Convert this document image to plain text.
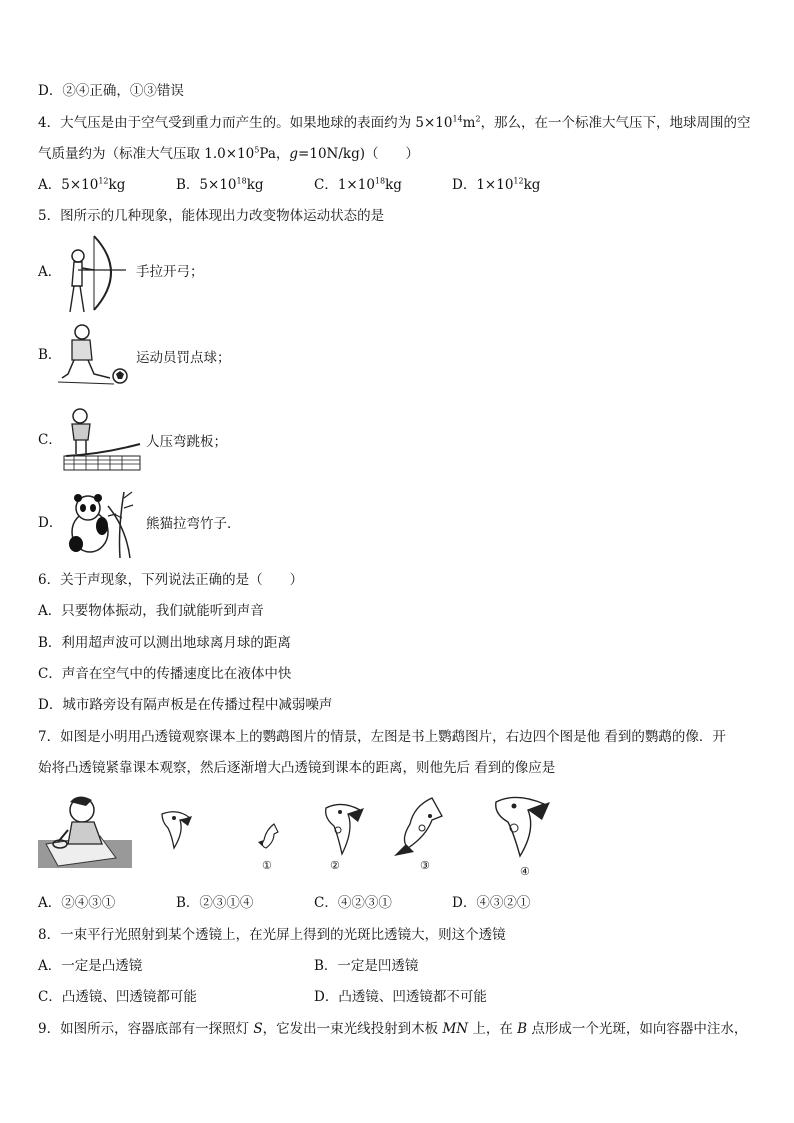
D．②④正确，①③错误
4．大气压是由于空气受到重力而产生的。如果地球的表面约为 $5\times 10^{14}m^2$，那么，在一个标准大气压下，地球周围的空
气质量约为（标准大气压取 $1.0\times 10^5Pa$，g=10N/kg)（　　）
A．$5\times 10^{12}kg$	B．$5\times 10^{18}kg$	C．$1\times 10^{18}kg$	D．$1\times 10^{12}kg$
5．图所示的几种现象，能体现出力改变物体运动状态的是
A．	手拉开弓；
B．	运动员罚点球；
C．	人压弯跳板；
D．	熊猫拉弯竹子．
6．关于声现象，下列说法正确的是（　　）
A．只要物体振动，我们就能听到声音
B．利用超声波可以测出地球离月球的距离
C．声音在空气中的传播速度比在液体中快
D．城市路旁设有隔声板是在传播过程中减弱噪声
7．如图是小明用凸透镜观察课本上的鹦鹉图片的情景，左图是书上鹦鹉图片，右边四个图是他 看到的鹦鹉的像．开
始将凸透镜紧靠课本观察，然后逐渐增大凸透镜到课本的距离，则他先后 看到的像应是
①	②	③	④
A．②④③①	B．②③①④	C．④②③①	D．④③②①
8．一束平行光照射到某个透镜上，在光屏上得到的光斑比透镜大，则这个透镜
A．一定是凸透镜	B．一定是凹透镜
C．凸透镜、凹透镜都可能	D．凸透镜、凹透镜都不可能
9．如图所示，容器底部有一探照灯 S，它发出一束光线投射到木板 MN 上，在 B 点形成一个光斑，如向容器中注水，
